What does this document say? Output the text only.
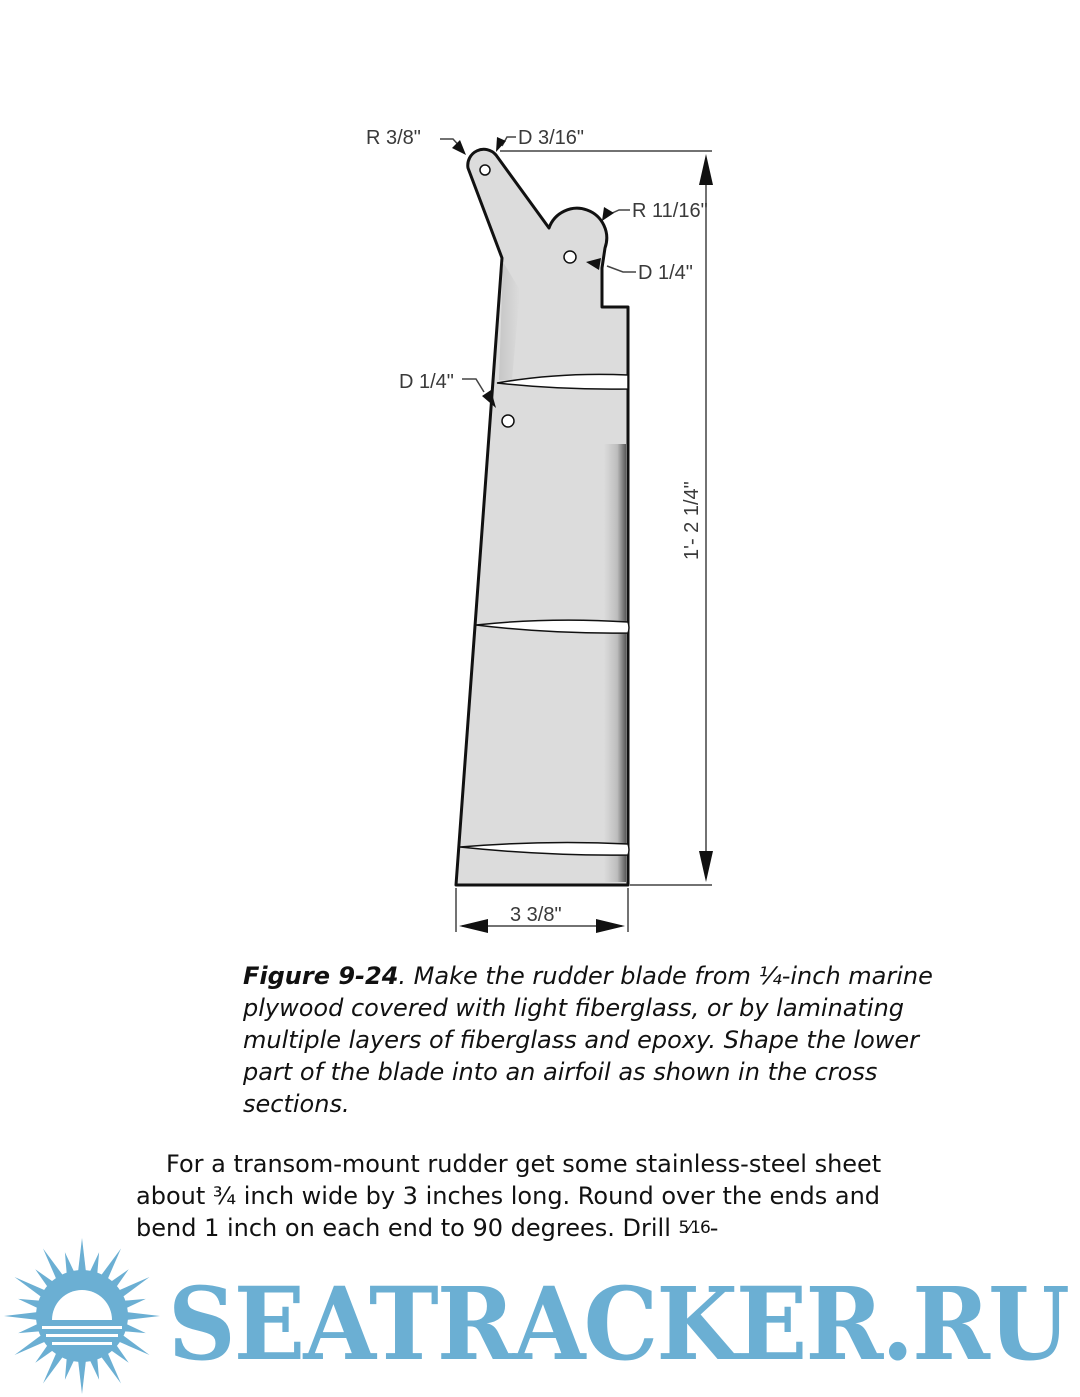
1'- 2 1/4"
3 3/8"
R 3/8"	D 3/16"
R 11/16"
D 1/4"
D 1/4"
Figure 9-24. Make the rudder blade from ¼-inch marine plywood covered with light fiberglass, or by laminating multiple layers of fiberglass and epoxy. Shape the lower part of the blade into an airfoil as shown in the cross sections.
For a transom-mount rudder get some stainless-steel sheet about ¾ inch wide by 3 inches long. Round over the ends and bend 1 inch on each end to 90 degrees. Drill 5⁄16-
SEATRACKER.RU
